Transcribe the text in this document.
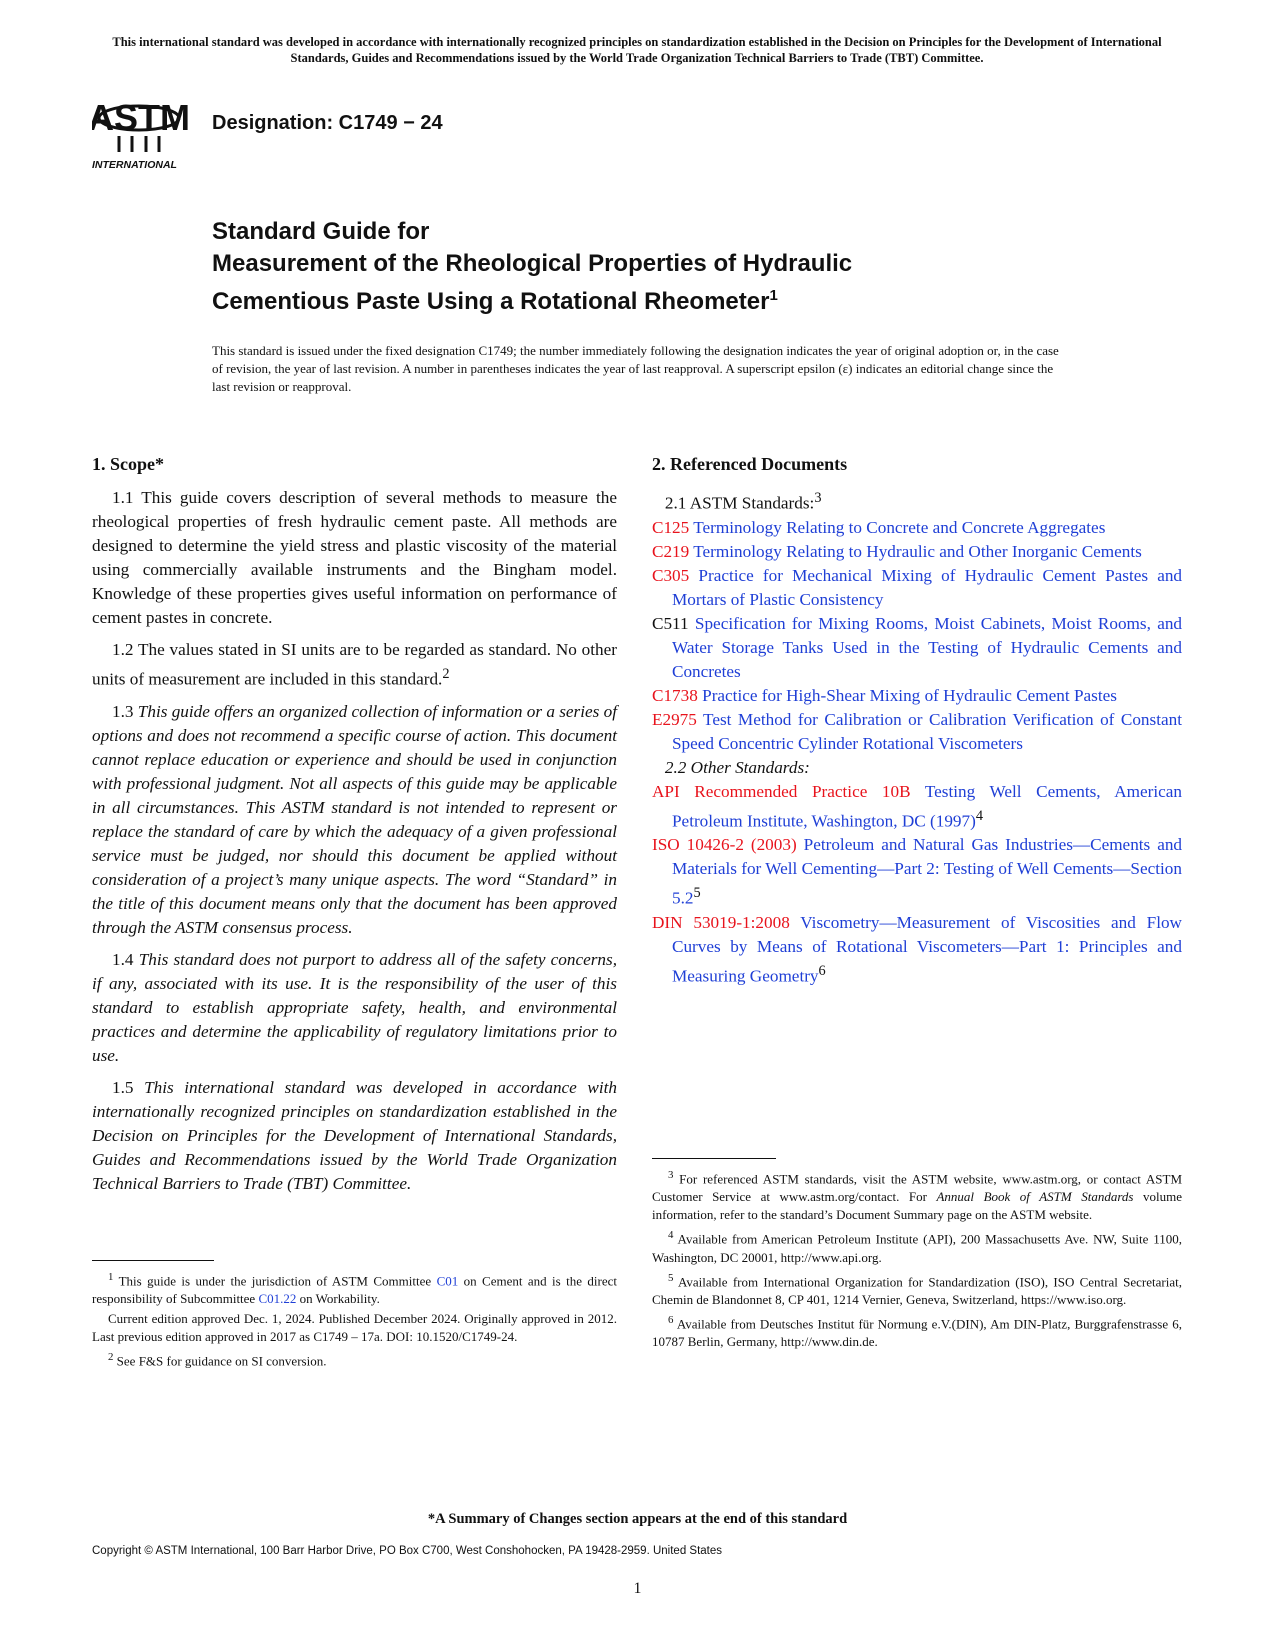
This international standard was developed in accordance with internationally recognized principles on standardization established in the Decision on Principles for the Development of International Standards, Guides and Recommendations issued by the World Trade Organization Technical Barriers to Trade (TBT) Committee.
ASTM
INTERNATIONAL
Designation: C1749 − 24
Standard Guide for
Measurement of the Rheological Properties of Hydraulic
Cementious Paste Using a Rotational Rheometer$^1$
This standard is issued under the fixed designation C1749; the number immediately following the designation indicates the year of original adoption or, in the case of revision, the year of last revision. A number in parentheses indicates the year of last reapproval. A superscript epsilon (ε) indicates an editorial change since the last revision or reapproval.
1. Scope*

1.1 This guide covers description of several methods to measure the rheological properties of fresh hydraulic cement paste. All methods are designed to determine the yield stress and plastic viscosity of the material using commercially available instruments and the Bingham model. Knowledge of these properties gives useful information on performance of cement pastes in concrete.

1.2 The values stated in SI units are to be regarded as standard. No other units of measurement are included in this standard.$^2$

1.3 This guide offers an organized collection of information or a series of options and does not recommend a specific course of action. This document cannot replace education or experience and should be used in conjunction with professional judgment. Not all aspects of this guide may be applicable in all circumstances. This ASTM standard is not intended to represent or replace the standard of care by which the adequacy of a given professional service must be judged, nor should this document be applied without consideration of a project’s many unique aspects. The word “Standard” in the title of this document means only that the document has been approved through the ASTM consensus process.

1.4 This standard does not purport to address all of the safety concerns, if any, associated with its use. It is the responsibility of the user of this standard to establish appropriate safety, health, and environmental practices and determine the applicability of regulatory limitations prior to use.

1.5 This international standard was developed in accordance with internationally recognized principles on standardization established in the Decision on Principles for the Development of International Standards, Guides and Recommendations issued by the World Trade Organization Technical Barriers to Trade (TBT) Committee.

2. Referenced Documents
2.1 ASTM Standards:$^3$
C125 Terminology Relating to Concrete and Concrete Aggregates
C219 Terminology Relating to Hydraulic and Other Inorganic Cements
C305 Practice for Mechanical Mixing of Hydraulic Cement Pastes and Mortars of Plastic Consistency
C511 Specification for Mixing Rooms, Moist Cabinets, Moist Rooms, and Water Storage Tanks Used in the Testing of Hydraulic Cements and Concretes
C1738 Practice for High-Shear Mixing of Hydraulic Cement Pastes
E2975 Test Method for Calibration or Calibration Verification of Constant Speed Concentric Cylinder Rotational Viscometers
2.2 Other Standards:
API Recommended Practice 10B Testing Well Cements, American Petroleum Institute, Washington, DC $(1997)^4$
ISO 10426-2 (2003) Petroleum and Natural Gas Industries—Cements and Materials for Well Cementing—Part 2: Testing of Well Cements—Section $5.2^5$
DIN 53019-1:2008 Viscometry—Measurement of Viscosities and Flow Curves by Means of Rotational Viscometers—Part 1: Principles and Measuring Geometry$^6$
$^1$ This guide is under the jurisdiction of ASTM Committee C01 on Cement and is the direct responsibility of Subcommittee C01.22 on Workability.
Current edition approved Dec. 1, 2024. Published December 2024. Originally approved in 2012. Last previous edition approved in 2017 as C1749 – 17a. DOI: 10.1520/C1749-24.
$^2$ See F&S for guidance on SI conversion.
$^3$ For referenced ASTM standards, visit the ASTM website, www.astm.org, or contact ASTM Customer Service at www.astm.org/contact. For Annual Book of ASTM Standards volume information, refer to the standard’s Document Summary page on the ASTM website.
$^4$ Available from American Petroleum Institute (API), 200 Massachusetts Ave. NW, Suite 1100, Washington, DC 20001, http://www.api.org.
$^5$ Available from International Organization for Standardization (ISO), ISO Central Secretariat, Chemin de Blandonnet 8, CP 401, 1214 Vernier, Geneva, Switzerland, https://www.iso.org.
$^6$ Available from Deutsches Institut für Normung e.V.(DIN), Am DIN-Platz, Burggrafenstrasse 6, 10787 Berlin, Germany, http://www.din.de.
*A Summary of Changes section appears at the end of this standard
Copyright © ASTM International, 100 Barr Harbor Drive, PO Box C700, West Conshohocken, PA 19428-2959. United States
1
